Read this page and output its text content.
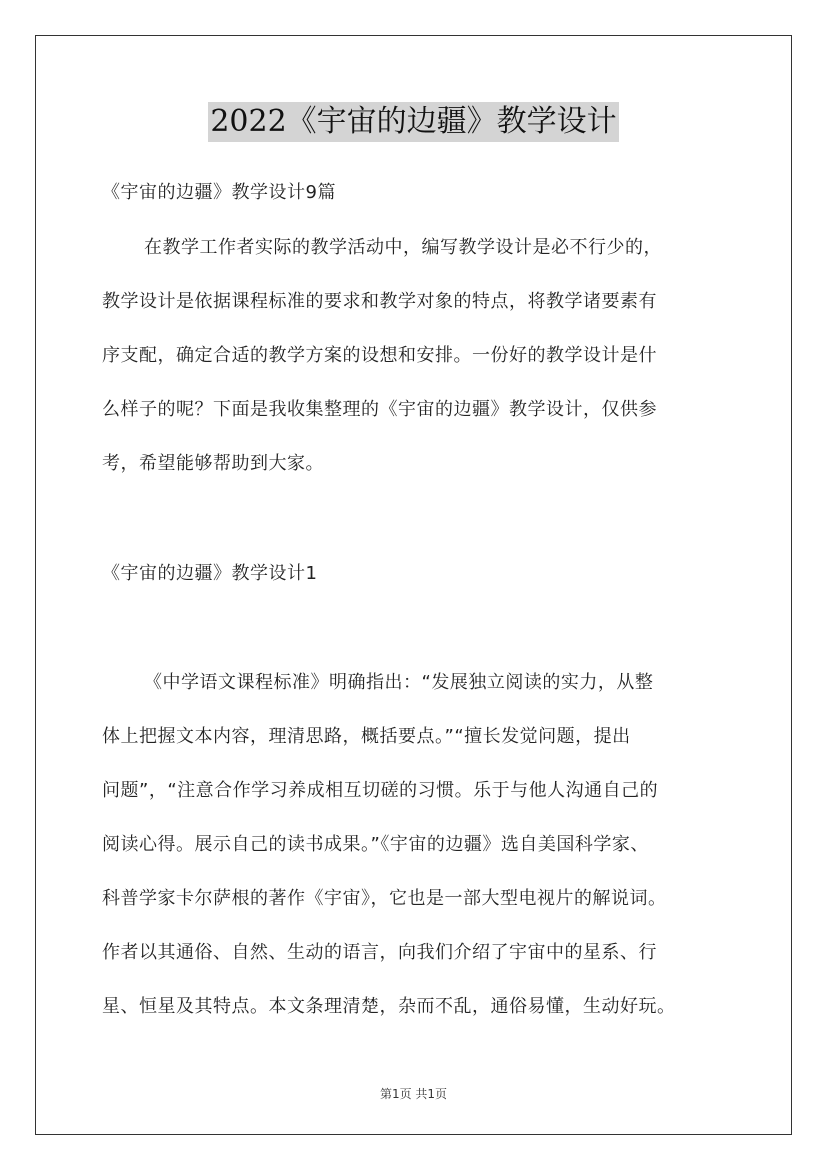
2022《宇宙的边疆》教学设计
《宇宙的边疆》教学设计9篇
在教学工作者实际的教学活动中，编写教学设计是必不行少的，
教学设计是依据课程标准的要求和教学对象的特点，将教学诸要素有
序支配，确定合适的教学方案的设想和安排。一份好的教学设计是什
么样子的呢？下面是我收集整理的《宇宙的边疆》教学设计，仅供参
考，希望能够帮助到大家。
《宇宙的边疆》教学设计1
《中学语文课程标准》明确指出：“发展独立阅读的实力，从整
体上把握文本内容，理清思路，概括要点。”“擅长发觉问题，提出
问题”，“注意合作学习养成相互切磋的习惯。乐于与他人沟通自己的
阅读心得。展示自己的读书成果。”《宇宙的边疆》选自美国科学家、
科普学家卡尔萨根的著作《宇宙》，它也是一部大型电视片的解说词。
作者以其通俗、自然、生动的语言，向我们介绍了宇宙中的星系、行
星、恒星及其特点。本文条理清楚，杂而不乱，通俗易懂，生动好玩。
第1页 共1页
